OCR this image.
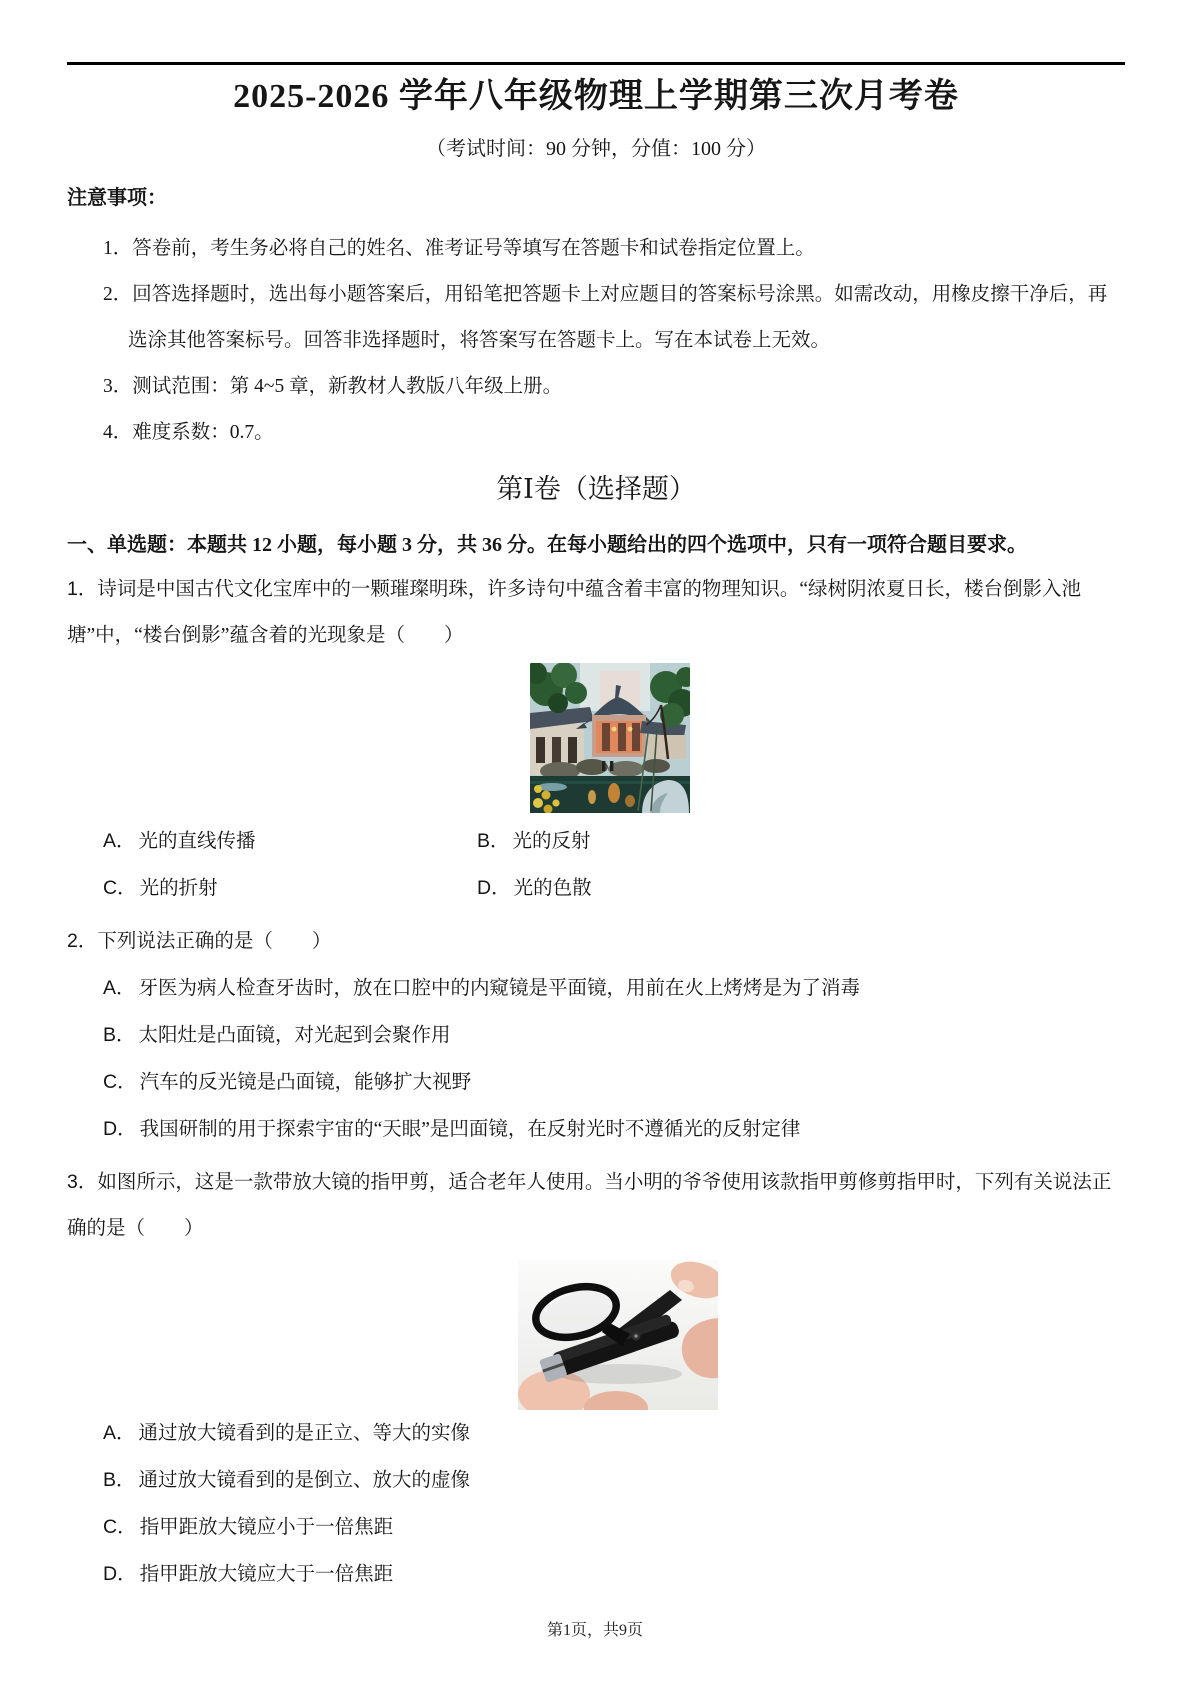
2025-2026 学年八年级物理上学期第三次月考卷
（考试时间：90 分钟，分值：100 分）
注意事项：
1．答卷前，考生务必将自己的姓名、准考证号等填写在答题卡和试卷指定位置上。
2．回答选择题时，选出每小题答案后，用铅笔把答题卡上对应题目的答案标号涂黑。如需改动，用橡皮擦干净后，再选涂其他答案标号。回答非选择题时，将答案写在答题卡上。写在本试卷上无效。
3．测试范围：第 4~5 章，新教材人教版八年级上册。
4．难度系数：0.7。
第Ⅰ卷（选择题）
一、单选题：本题共 12 小题，每小题 3 分，共 36 分。在每小题给出的四个选项中，只有一项符合题目要求。
1．诗词是中国古代文化宝库中的一颗璀璨明珠，许多诗句中蕴含着丰富的物理知识。“绿树阴浓夏日长，楼台倒影入池塘”中，“楼台倒影”蕴含着的光现象是（　　）
A． 光的直线传播	B． 光的反射
C． 光的折射	D． 光的色散
2．下列说法正确的是（　　）
A． 牙医为病人检查牙齿时，放在口腔中的内窥镜是平面镜，用前在火上烤烤是为了消毒
B． 太阳灶是凸面镜，对光起到会聚作用
C． 汽车的反光镜是凸面镜，能够扩大视野
D． 我国研制的用于探索宇宙的“天眼”是凹面镜，在反射光时不遵循光的反射定律
3．如图所示，这是一款带放大镜的指甲剪，适合老年人使用。当小明的爷爷使用该款指甲剪修剪指甲时，下列有关说法正确的是（　　）
A． 通过放大镜看到的是正立、等大的实像
B． 通过放大镜看到的是倒立、放大的虚像
C． 指甲距放大镜应小于一倍焦距
D． 指甲距放大镜应大于一倍焦距
第1页，共9页
